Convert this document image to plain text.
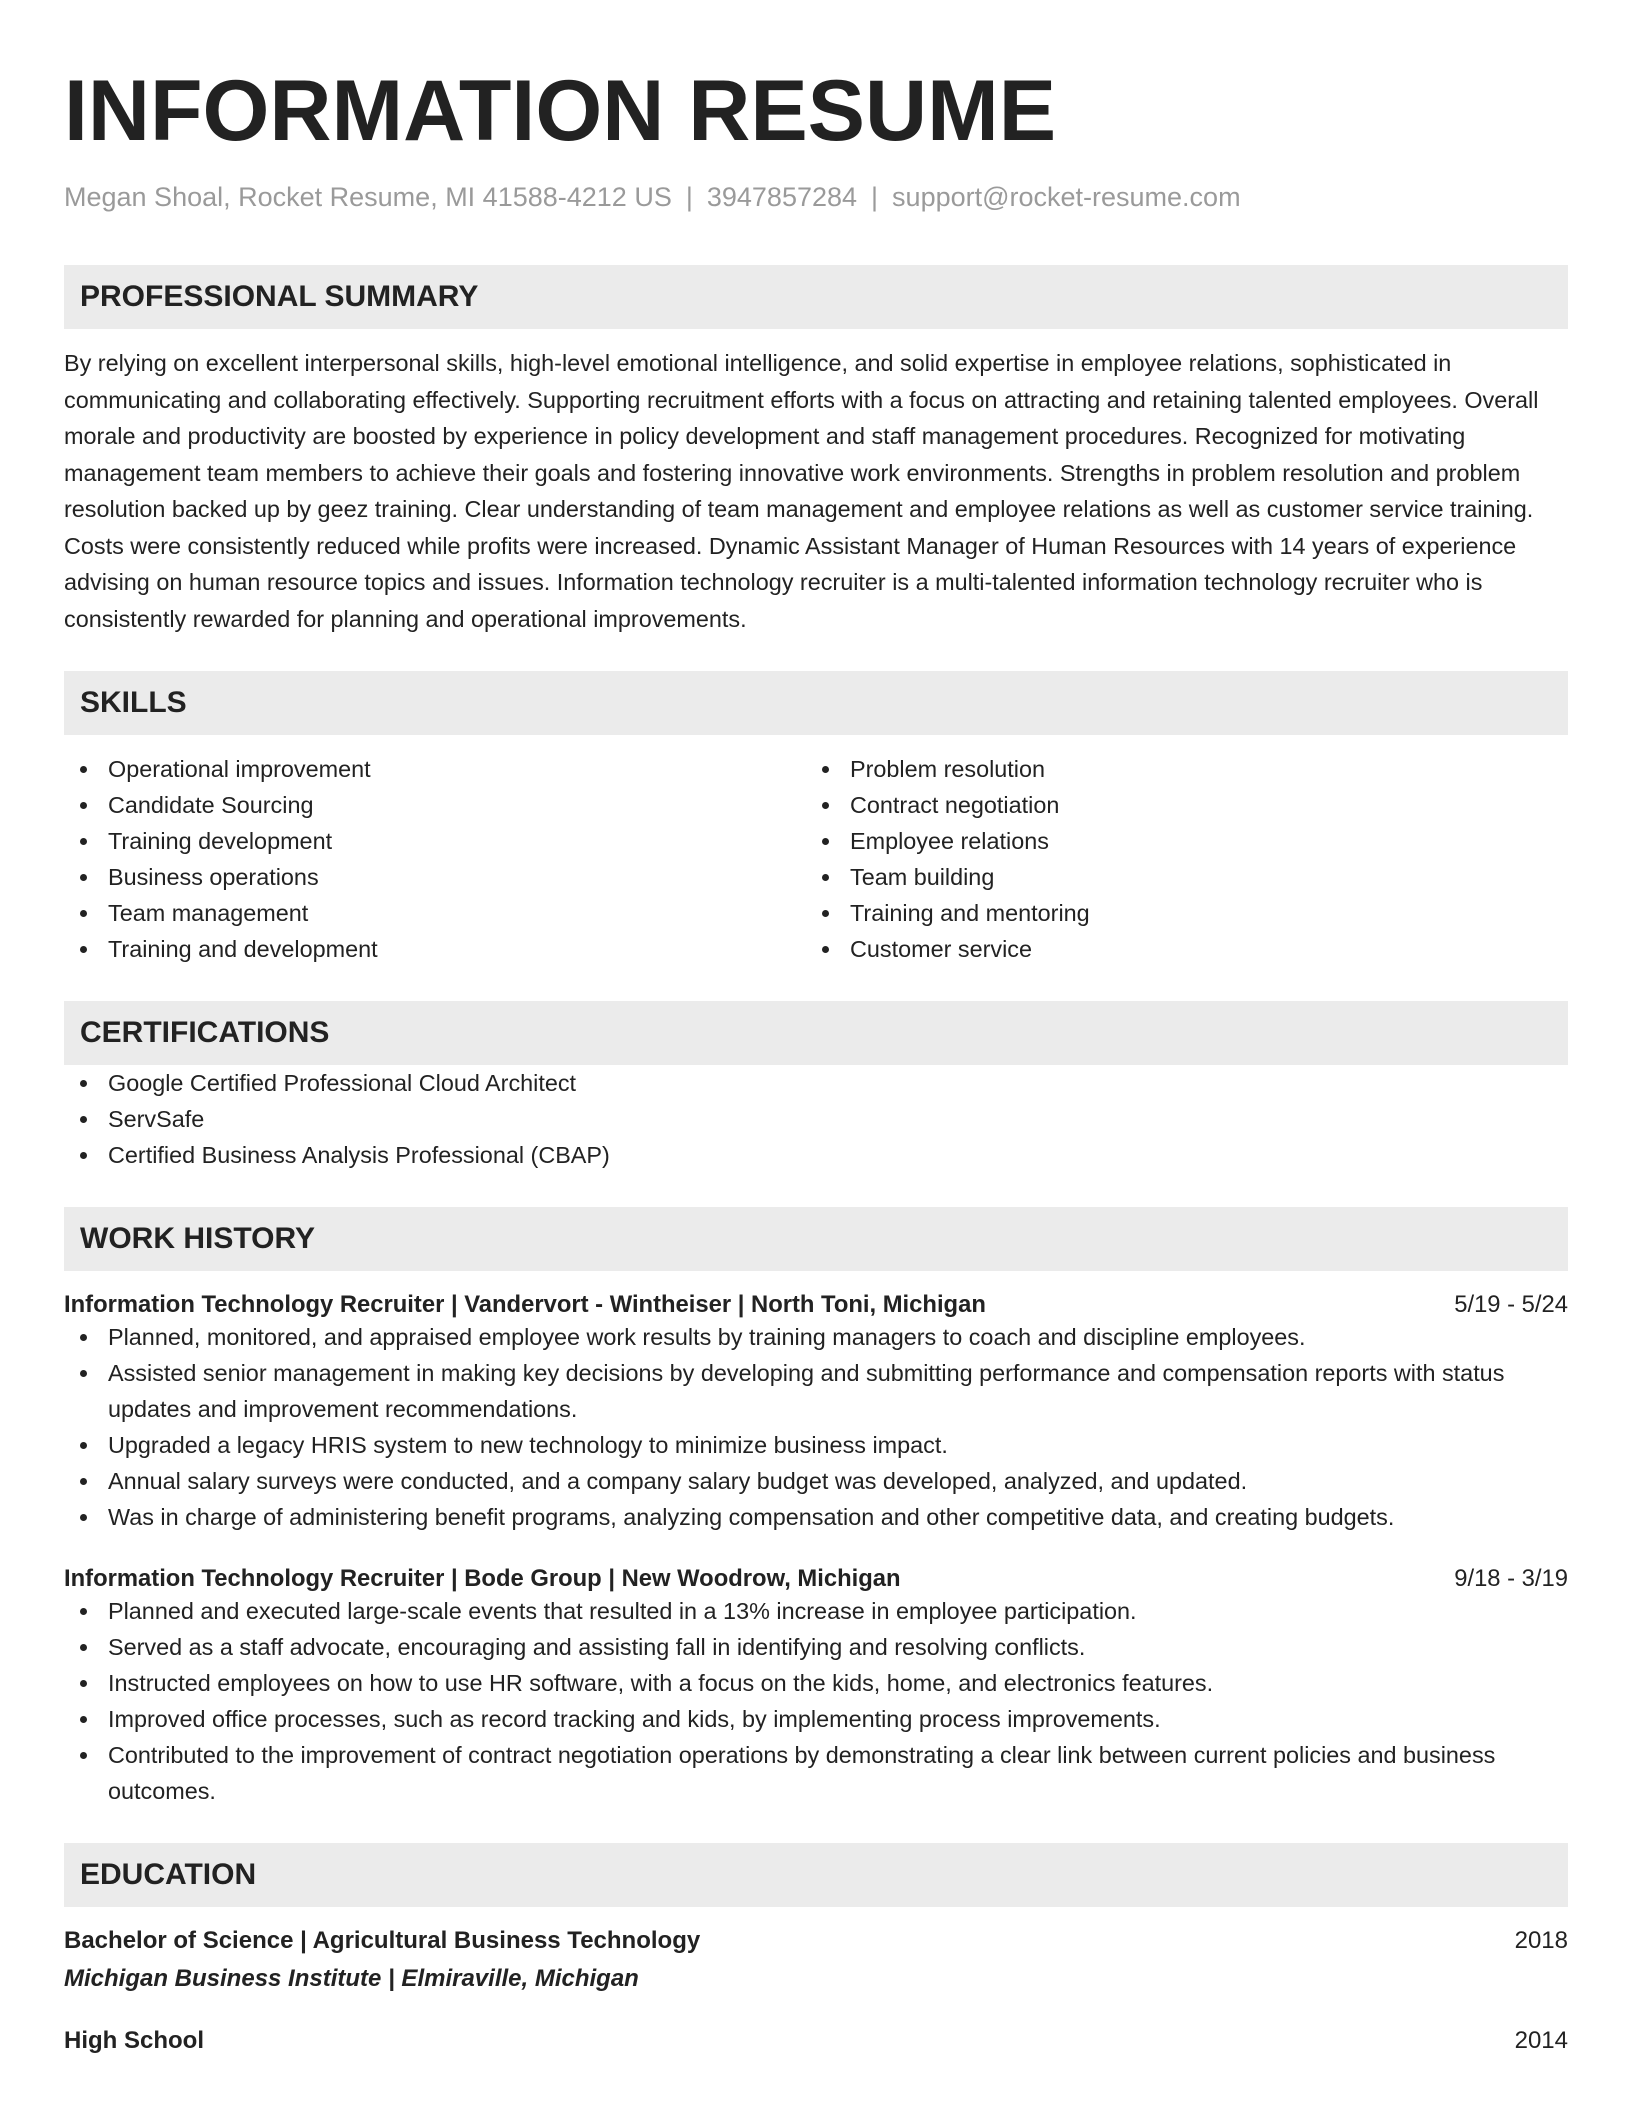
INFORMATION RESUME
Megan Shoal, Rocket Resume, MI 41588-4212 US | 3947857284 | support@rocket-resume.com
PROFESSIONAL SUMMARY
By relying on excellent interpersonal skills, high-level emotional intelligence, and solid expertise in employee relations, sophisticated in communicating and collaborating effectively. Supporting recruitment efforts with a focus on attracting and retaining talented employees. Overall morale and productivity are boosted by experience in policy development and staff management procedures. Recognized for motivating management team members to achieve their goals and fostering innovative work environments. Strengths in problem resolution and problem resolution backed up by geez training. Clear understanding of team management and employee relations as well as customer service training. Costs were consistently reduced while profits were increased. Dynamic Assistant Manager of Human Resources with 14 years of experience advising on human resource topics and issues. Information technology recruiter is a multi-talented information technology recruiter who is consistently rewarded for planning and operational improvements.
SKILLS
Operational improvement
Candidate Sourcing
Training development
Business operations
Team management
Training and development
Problem resolution
Contract negotiation
Employee relations
Team building
Training and mentoring
Customer service
CERTIFICATIONS
Google Certified Professional Cloud Architect
ServSafe
Certified Business Analysis Professional (CBAP)
WORK HISTORY
Information Technology Recruiter | Vandervort - Wintheiser | North Toni, Michigan	5/19 - 5/24
Planned, monitored, and appraised employee work results by training managers to coach and discipline employees.
Assisted senior management in making key decisions by developing and submitting performance and compensation reports with status updates and improvement recommendations.
Upgraded a legacy HRIS system to new technology to minimize business impact.
Annual salary surveys were conducted, and a company salary budget was developed, analyzed, and updated.
Was in charge of administering benefit programs, analyzing compensation and other competitive data, and creating budgets.
Information Technology Recruiter | Bode Group | New Woodrow, Michigan	9/18 - 3/19
Planned and executed large-scale events that resulted in a 13% increase in employee participation.
Served as a staff advocate, encouraging and assisting fall in identifying and resolving conflicts.
Instructed employees on how to use HR software, with a focus on the kids, home, and electronics features.
Improved office processes, such as record tracking and kids, by implementing process improvements.
Contributed to the improvement of contract negotiation operations by demonstrating a clear link between current policies and business outcomes.
EDUCATION
Bachelor of Science | Agricultural Business Technology	2018
Michigan Business Institute | Elmiraville, Michigan
High School	2014
